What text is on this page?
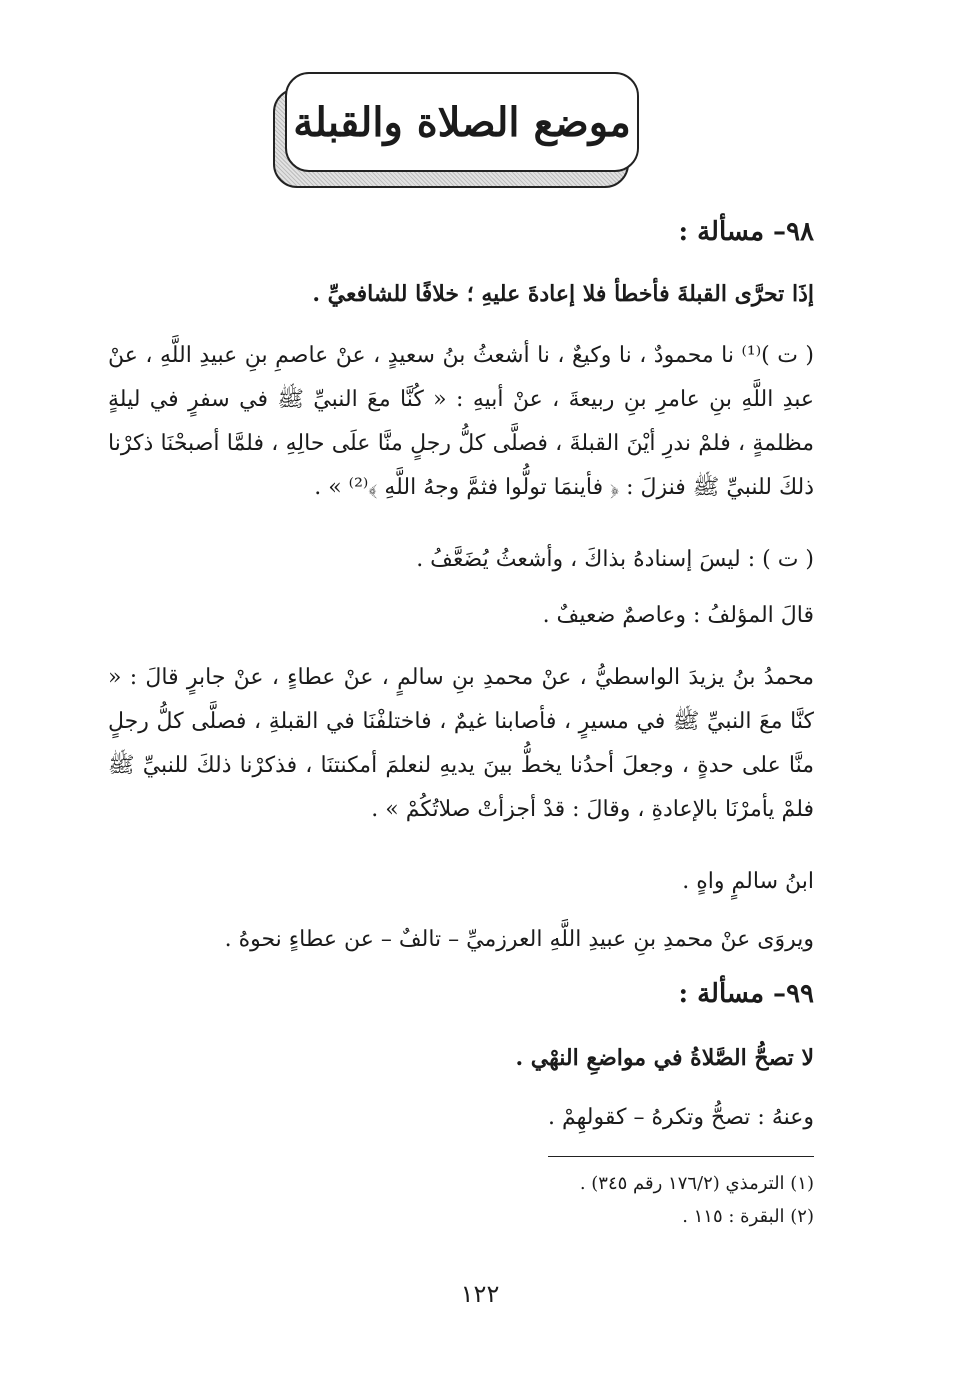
موضع الصلاة والقبلة
٩٨– مسألة :
إذَا تحرَّى القبلةَ فأخطأ فلا إعادةَ عليهِ ؛ خلافًا للشافعيِّ .
( ت )⁽¹⁾ نا محمودٌ ، نا وكيعٌ ، نا أشعثُ بنُ سعيدٍ ، عنْ عاصمِ بنِ عبيدِ اللَّهِ ، عنْ عبدِ اللَّهِ بنِ عامرِ بنِ ربيعةَ ، عنْ أبيهِ : « كُنَّا معَ النبيِّ ﷺ في سفرٍ في ليلةٍ مظلمةٍ ، فلمْ ندرِ أيْنَ القبلةَ ، فصلَّى كلُّ رجلٍ منَّا علَى حالِهِ ، فلمَّا أصبحْنَا ذكرْنا ذلكَ للنبيِّ ﷺ فنزلَ : ﴿ فأينمَا تولُّوا فثمَّ وجهُ اللَّهِ ﴾⁽²⁾ » .
( ت ) : ليسَ إسنادهُ بذاكَ ، وأشعثُ يُضَعَّفُ .
قالَ المؤلفُ : وعاصمٌ ضعيفٌ .
محمدُ بنُ يزيدَ الواسطيُّ ، عنْ محمدِ بنِ سالمٍ ، عنْ عطاءٍ ، عنْ جابرٍ قالَ : « كنَّا معَ النبيِّ ﷺ في مسيرٍ ، فأصابنا غيمٌ ، فاختلفْنَا في القبلةِ ، فصلَّى كلُّ رجلٍ منَّا على حدةٍ ، وجعلَ أحدُنا يخطُّ بينَ يديهِ لنعلمَ أمكنتنَا ، فذكرْنا ذلكَ للنبيِّ ﷺ فلمْ يأمرْنَا بالإعادةِ ، وقالَ : قدْ أجزأتْ صلاتُكُمْ » .
ابنُ سالمٍ واهٍ .
ويروَى عنْ محمدِ بنِ عبيدِ اللَّهِ العرزميِّ – تالفٌ – عن عطاءٍ نحوهُ .
٩٩– مسألة :
لا تصحُّ الصَّلاةُ في مواضعِ النهْي .
وعنهُ : تصحُّ وتكرهُ – كقولهِمْ .
(١) الترمذي (١٧٦/٢ رقم ٣٤٥) .
(٢) البقرة : ١١٥ .
١٢٢
